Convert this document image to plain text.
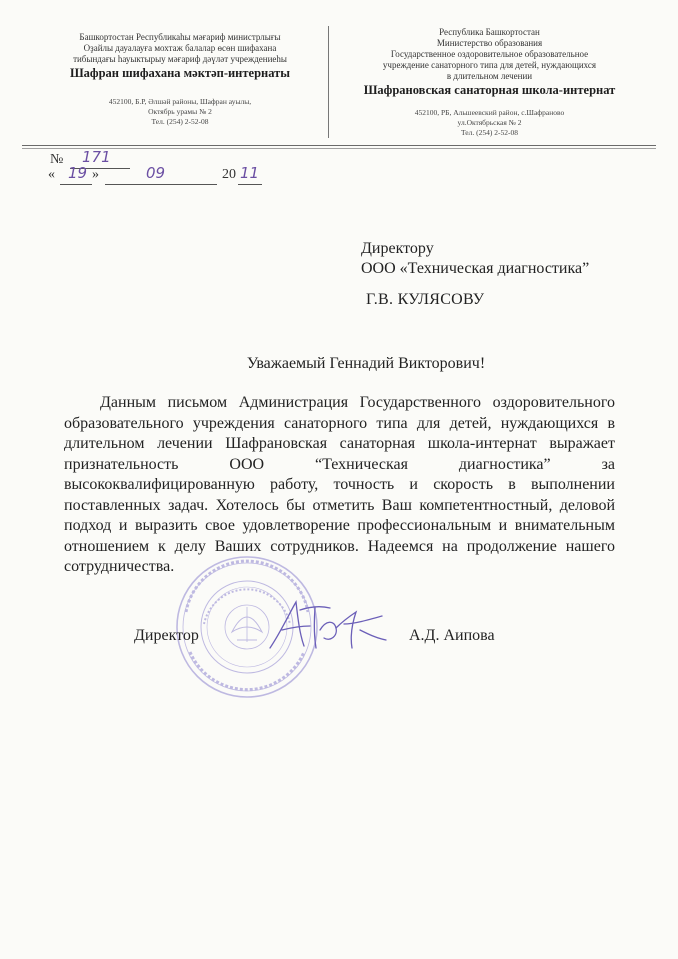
Башкортостан Республикаһы мәғариф министрлығы
Оҙайлы дауалауға мохтаж балалар өсөн шифахана
тибындағы һауыктырыу мәғариф дәүләт учреждениеһы
Шафран шифахана мәктәп-интернаты
452100, Б.Р, Әлшәй районы, Шафран ауылы,
Октябрь урамы № 2
Тел. (254) 2-52-08
Республика Башкортостан
Министерство образования
Государственное оздоровительное образовательное
учреждение санаторного типа для детей, нуждающихся
в длительном лечении
Шафрановская санаторная школа-интернат
452100, РБ, Альшеевский район, с.Шафраново
ул.Октябрьская № 2
Тел. (254) 2-52-08
№ 171
« 19 »	09	20 11
Директору
ООО «Техническая диагностика”
Г.В. КУЛЯСОВУ
Уважаемый Геннадий Викторович!
Данным письмом Администрация Государственного оздоровительного образовательного учреждения санаторного типа для детей, нуждающихся в длительном лечении Шафрановская санаторная школа-интернат выражает признательность ООО “Техническая диагностика” за высококвалифицированную работу, точность и скорость в выполнении поставленных задач. Хотелось бы отметить Ваш компетентностный, деловой подход и выразить свое удовлетворение профессиональным и внимательным отношением к делу Ваших сотрудников. Надеемся на продолжение нашего сотрудничества.
Директор	А.Д. Аипова
